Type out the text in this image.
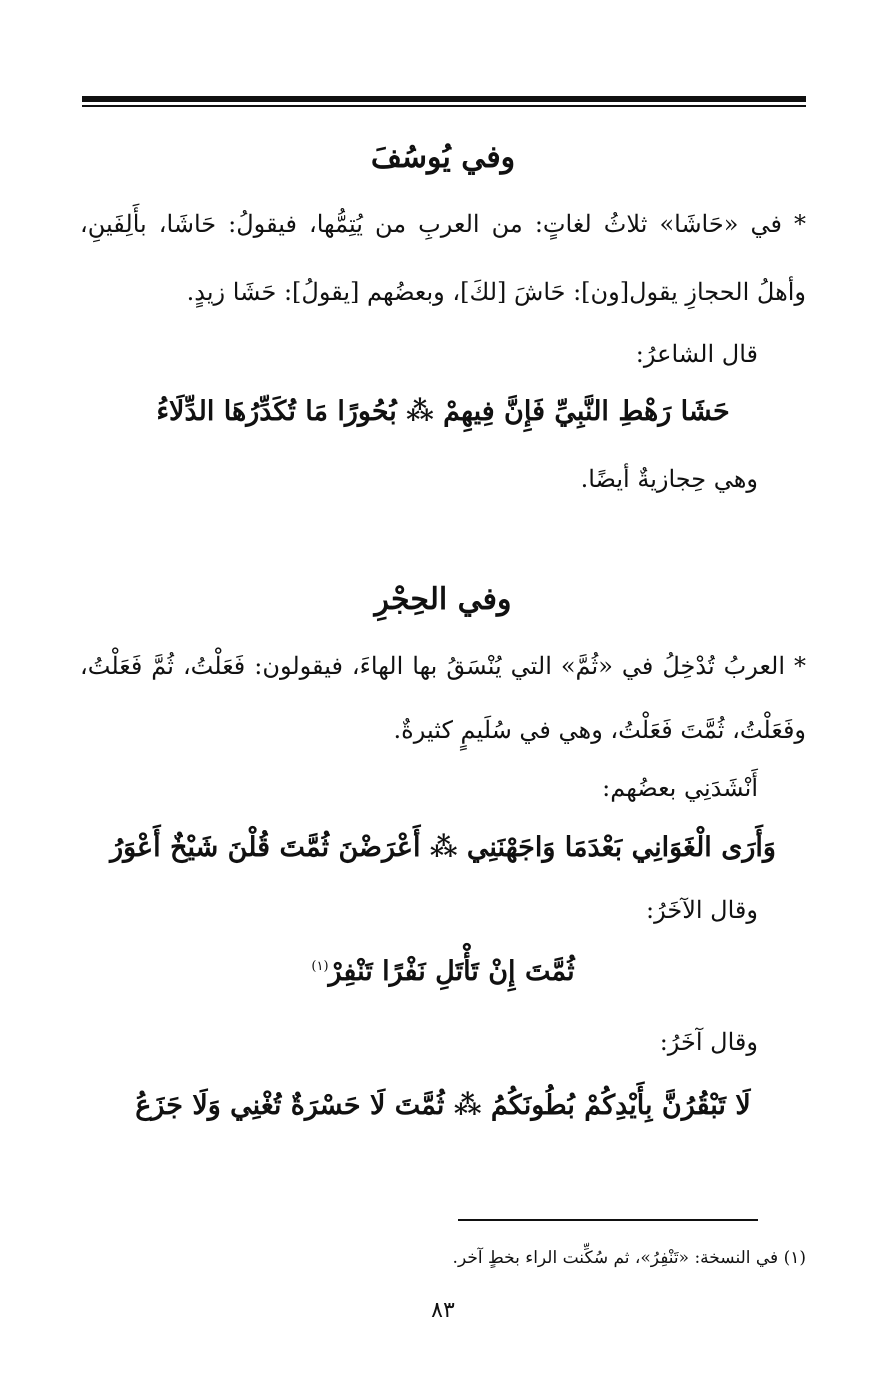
وفي يُوسُفَ
* في «حَاشَا» ثلاثُ لغاتٍ: من العربِ من يُتِمُّها، فيقولُ: حَاشَا، بأَلِفَينِ،
وأهلُ الحجازِ يقول[ون]: حَاشَ [لكَ]، وبعضُهم [يقولُ]: حَشَا زيدٍ.
قال الشاعرُ:
حَشَا رَهْطِ النَّبِيِّ فَإِنَّ فِيهِمْ ⁂ بُحُورًا مَا تُكَدِّرُهَا الدِّلَاءُ
وهي حِجازيةٌ أيضًا.
وفي الحِجْرِ
* العربُ تُدْخِلُ في «ثُمَّ» التي يُنْسَقُ بها الهاءَ، فيقولون: فَعَلْتُ، ثُمَّ فَعَلْتُ،
وفَعَلْتُ، ثُمَّتَ فَعَلْتُ، وهي في سُلَيمٍ كثيرةٌ.
أَنْشَدَنِي بعضُهم:
وَأَرَى الْغَوَانِي بَعْدَمَا وَاجَهْنَنِي ⁂ أَعْرَضْنَ ثُمَّتَ قُلْنَ شَيْخٌ أَعْوَرُ
وقال الآخَرُ:
ثُمَّتَ إِنْ تَأْتَلِ نَفْرًا تَنْفِرْ$^{(١)}$
وقال آخَرُ:
لَا تَبْقُرُنَّ بِأَيْدِكُمْ بُطُونَكُمُ ⁂ ثُمَّتَ لَا حَسْرَةٌ تُغْنِي وَلَا جَزَعُ
(١) في النسخة: «تَنْفِرُ»، ثم سُكِّنت الراء بخطٍ آخر.
٨٣
